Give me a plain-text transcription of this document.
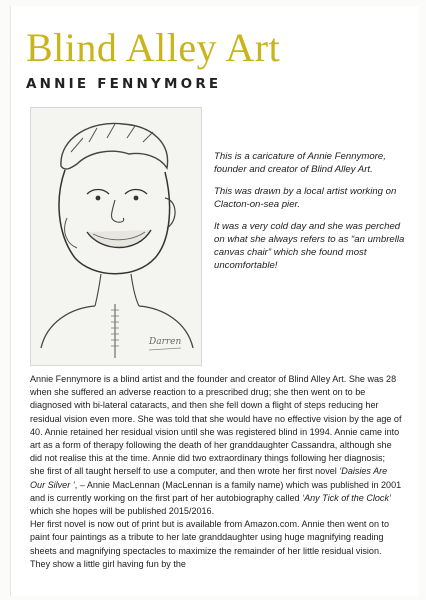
Blind Alley Art
ANNIE FENNYMORE
Darren

This is a caricature of Annie Fennymore, founder and creator of Blind Alley Art.

This was drawn by a local artist working on Clacton-on-sea pier.

It was a very cold day and she was perched on what she always refers to as “an umbrella canvas chair” which she found most uncomfortable!

Annie Fennymore is a blind artist and the founder and creator of Blind Alley Art. She was 28 when she suffered an adverse reaction to a prescribed drug; she then went on to be diagnosed with bi-lateral cataracts, and then she fell down a flight of steps reducing her residual vision even more. She was told that she would have no effective vision by the age of 40. Annie retained her residual vision until she was registered blind in 1994. Annie came into art as a form of therapy following the death of her granddaughter Cassandra, although she did not realise this at the time. Annie did two extraordinary things following her diagnosis; she first of all taught herself to use a computer, and then wrote her first novel ‘Daisies Are Our Silver ’, – Annie MacLennan (MacLennan is a family name) which was published in 2001 and is currently working on the first part of her autobiography called ‘Any Tick of the Clock’ which she hopes will be published 2015/2016.

Her first novel is now out of print but is available from Amazon.com. Annie then went on to paint four paintings as a tribute to her late granddaughter using huge magnifying reading sheets and magnifying spectacles to maximize the remainder of her little residual vision. They show a little girl having fun by the
